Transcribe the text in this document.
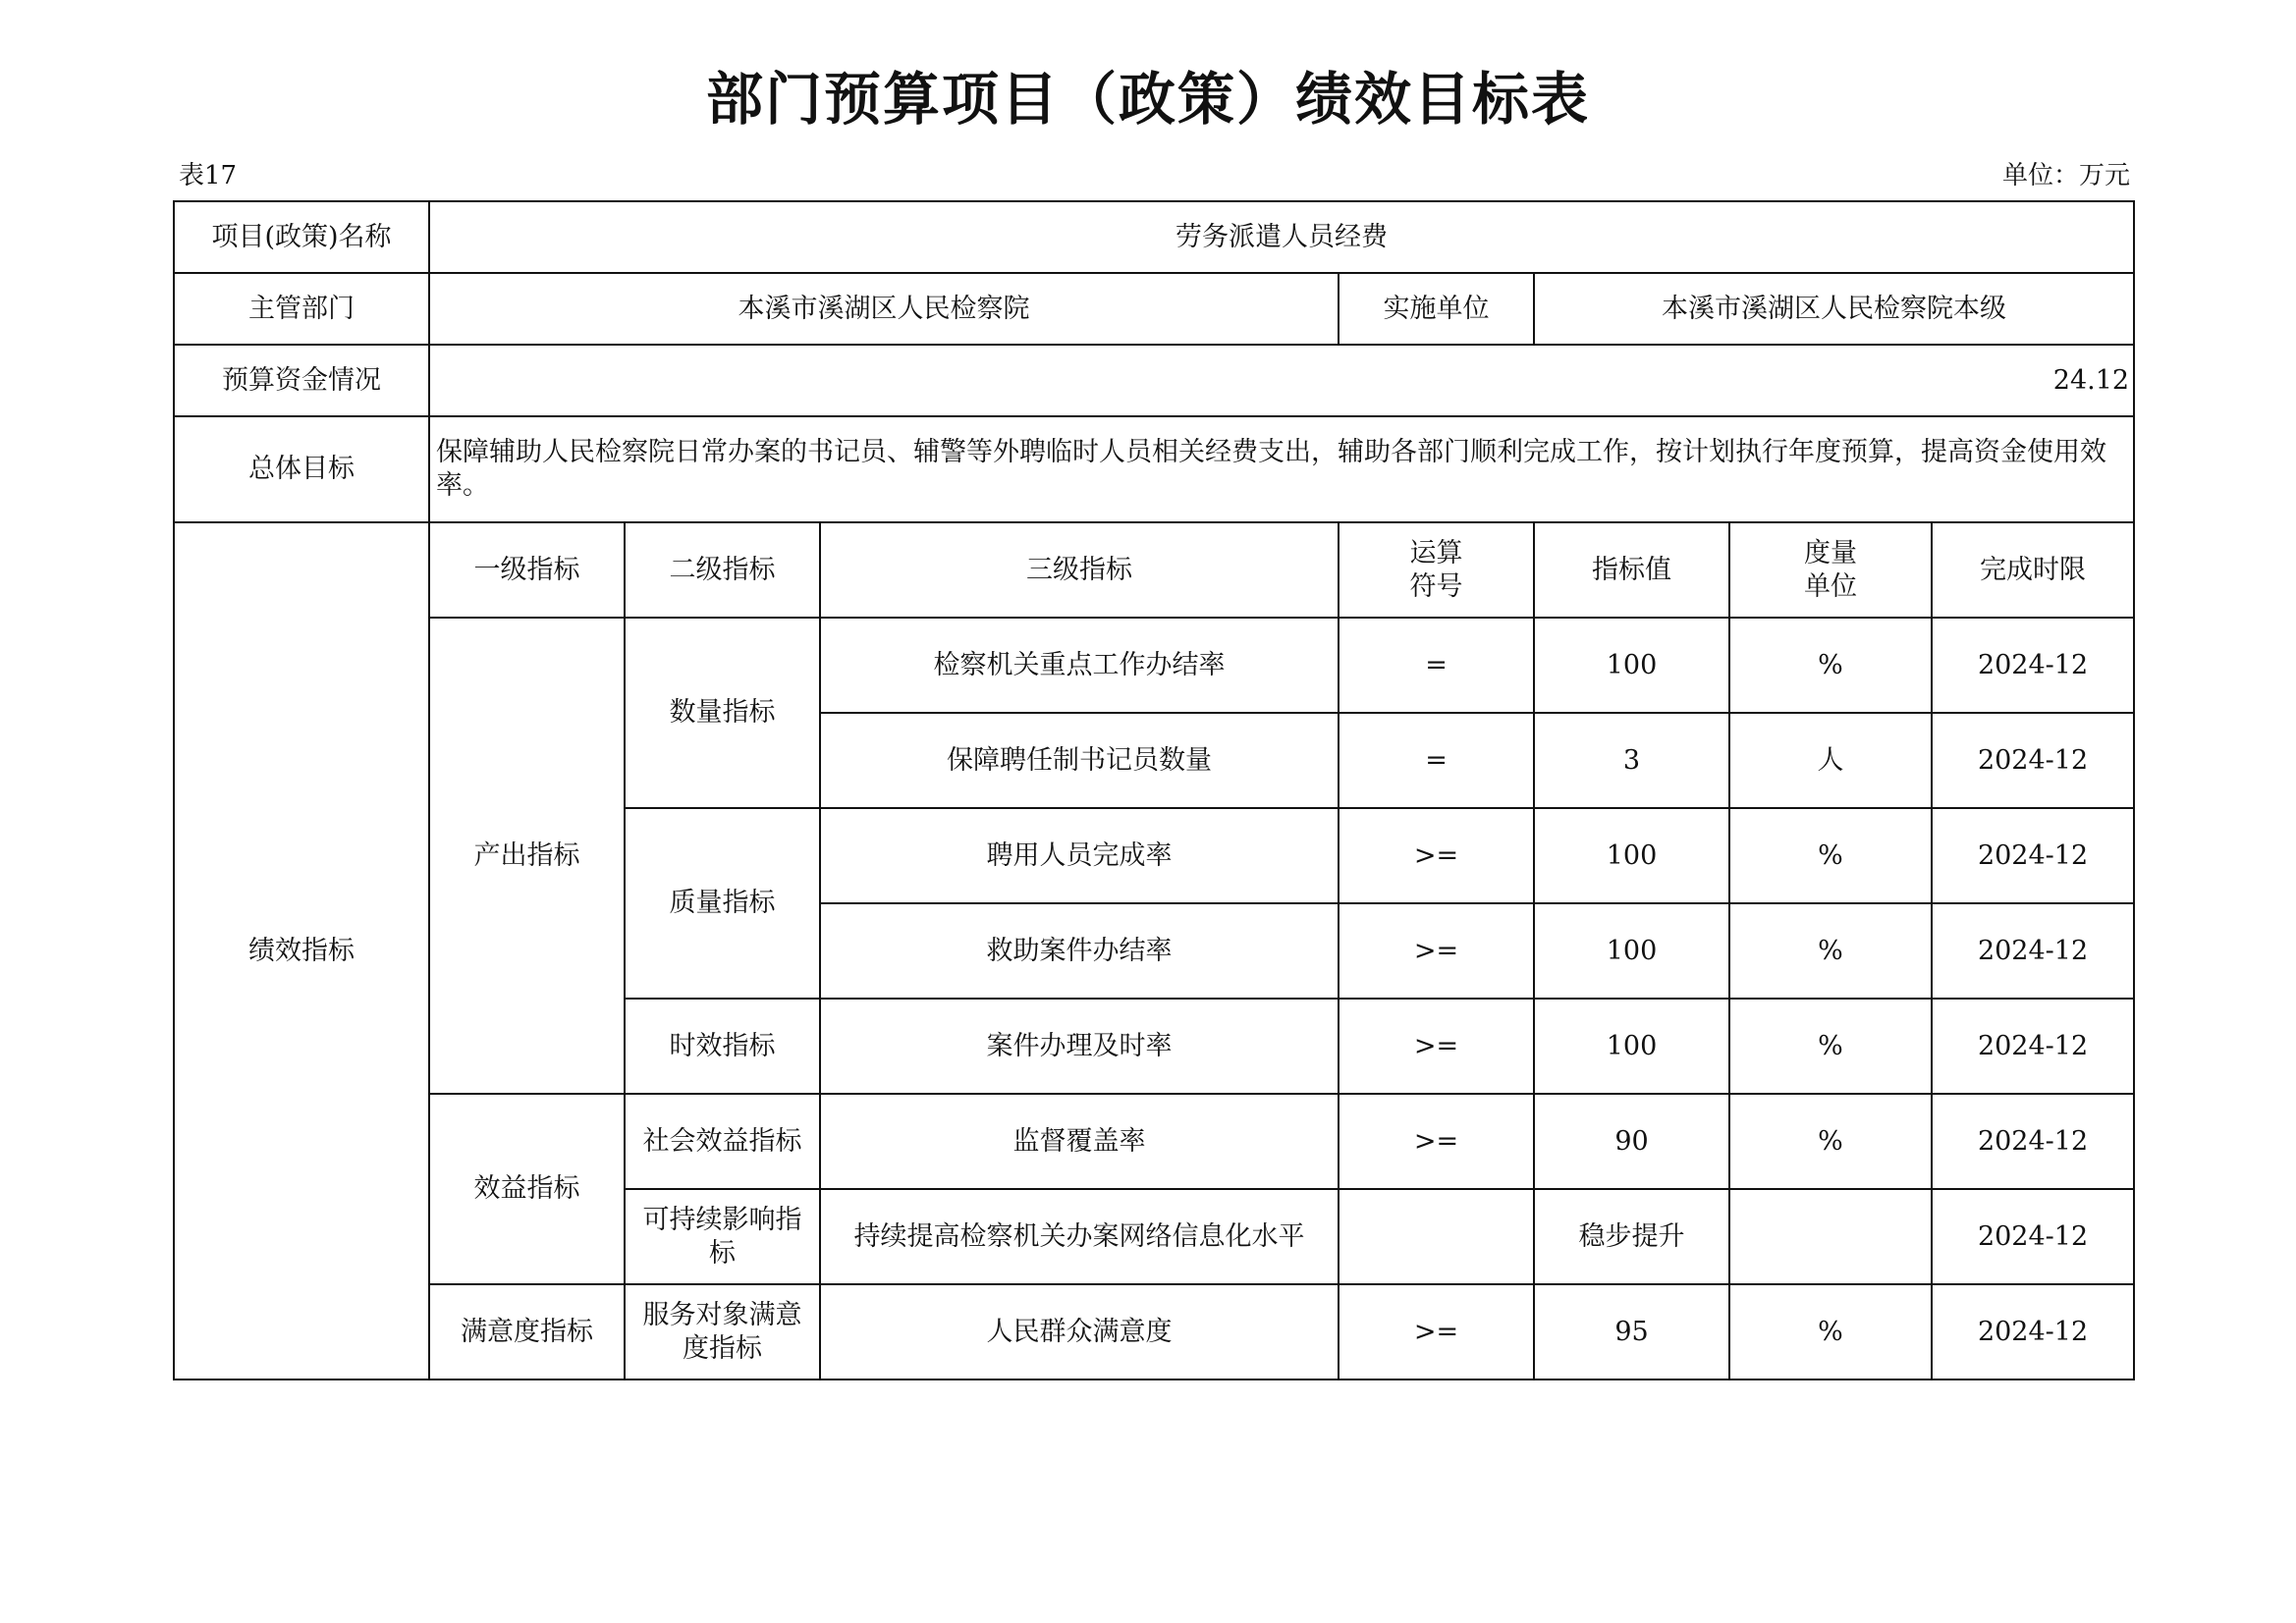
部门预算项目（政策）绩效目标表
表17	单位：万元
项目(政策)名称	劳务派遣人员经费						
主管部门	本溪市溪湖区人民检察院			实施单位	本溪市溪湖区人民检察院本级		
预算资金情况	24.12						
总体目标	保障辅助人民检察院日常办案的书记员、辅警等外聘临时人员相关经费支出，辅助各部门顺利完成工作，按计划执行年度预算，提高资金使用效率。						
绩效指标	一级指标	二级指标	三级指标	运算符号	指标值	度量单位	完成时限
	产出指标	数量指标	检察机关重点工作办结率	=	100	%	2024-12
			保障聘任制书记员数量	=	3	人	2024-12
		质量指标	聘用人员完成率	>=	100	%	2024-12
			救助案件办结率	>=	100	%	2024-12
		时效指标	案件办理及时率	>=	100	%	2024-12
	效益指标	社会效益指标	监督覆盖率	>=	90	%	2024-12
		可持续影响指标	持续提高检察机关办案网络信息化水平		稳步提升		2024-12
	满意度指标	服务对象满意度指标	人民群众满意度	>=	95	%	2024-12
